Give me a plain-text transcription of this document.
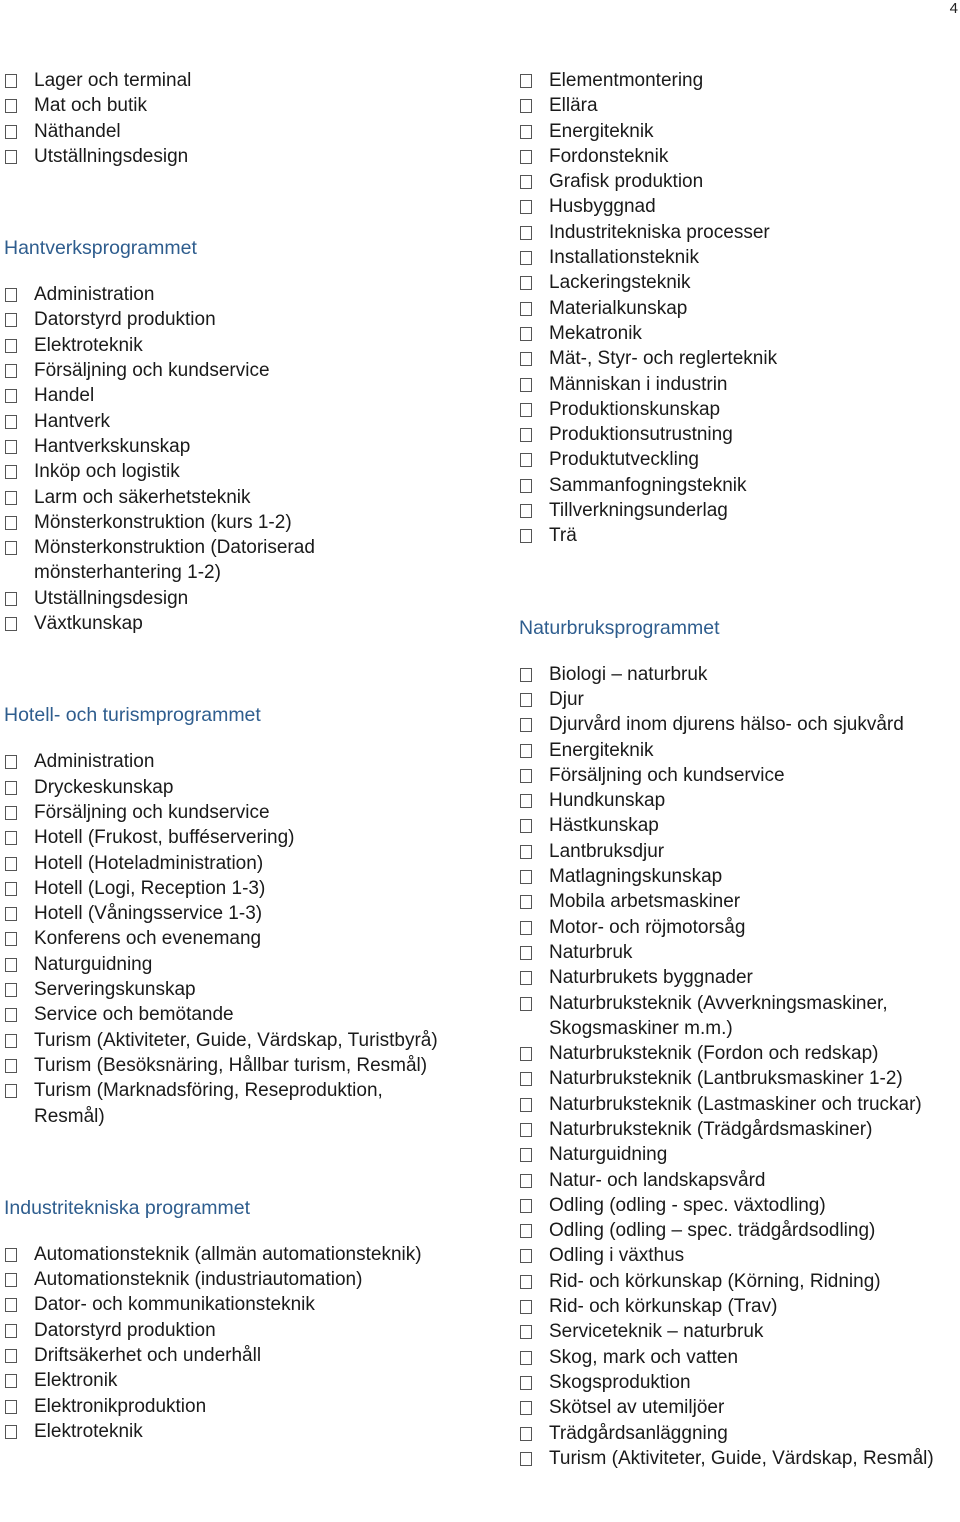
4
Lager och terminal
Mat och butik
Näthandel
Utställningsdesign
Hantverksprogrammet
Administration
Datorstyrd produktion
Elektroteknik
Försäljning och kundservice
Handel
Hantverk
Hantverkskunskap
Inköp och logistik
Larm och säkerhetsteknik
Mönsterkonstruktion (kurs 1-2)
Mönsterkonstruktion (Datoriserad mönsterhantering 1-2)
Utställningsdesign
Växtkunskap
Hotell- och turismprogrammet
Administration
Dryckeskunskap
Försäljning och kundservice
Hotell (Frukost, bufféservering)
Hotell (Hoteladministration)
Hotell (Logi, Reception 1-3)
Hotell (Våningsservice 1-3)
Konferens och evenemang
Naturguidning
Serveringskunskap
Service och bemötande
Turism (Aktiviteter, Guide, Värdskap, Turistbyrå)
Turism (Besöksnäring, Hållbar turism, Resmål)
Turism (Marknadsföring, Reseproduktion, Resmål)
Industritekniska programmet
Automationsteknik (allmän automationsteknik)
Automationsteknik (industriautomation)
Dator- och kommunikationsteknik
Datorstyrd produktion
Driftsäkerhet och underhåll
Elektronik
Elektronikproduktion
Elektroteknik
Elementmontering
Ellära
Energiteknik
Fordonsteknik
Grafisk produktion
Husbyggnad
Industritekniska processer
Installationsteknik
Lackeringsteknik
Materialkunskap
Mekatronik
Mät-, Styr- och reglerteknik
Människan i industrin
Produktionskunskap
Produktionsutrustning
Produktutveckling
Sammanfogningsteknik
Tillverkningsunderlag
Trä
Naturbruksprogrammet
Biologi – naturbruk
Djur
Djurvård inom djurens hälso- och sjukvård
Energiteknik
Försäljning och kundservice
Hundkunskap
Hästkunskap
Lantbruksdjur
Matlagningskunskap
Mobila arbetsmaskiner
Motor- och röjmotorsåg
Naturbruk
Naturbrukets byggnader
Naturbruksteknik (Avverkningsmaskiner, Skogsmaskiner m.m.)
Naturbruksteknik (Fordon och redskap)
Naturbruksteknik (Lantbruksmaskiner 1-2)
Naturbruksteknik (Lastmaskiner och truckar)
Naturbruksteknik (Trädgårdsmaskiner)
Naturguidning
Natur- och landskapsvård
Odling (odling - spec. växtodling)
Odling (odling – spec. trädgårdsodling)
Odling i växthus
Rid- och körkunskap (Körning, Ridning)
Rid- och körkunskap (Trav)
Serviceteknik – naturbruk
Skog, mark och vatten
Skogsproduktion
Skötsel av utemiljöer
Trädgårdsanläggning
Turism (Aktiviteter, Guide, Värdskap, Resmål)
